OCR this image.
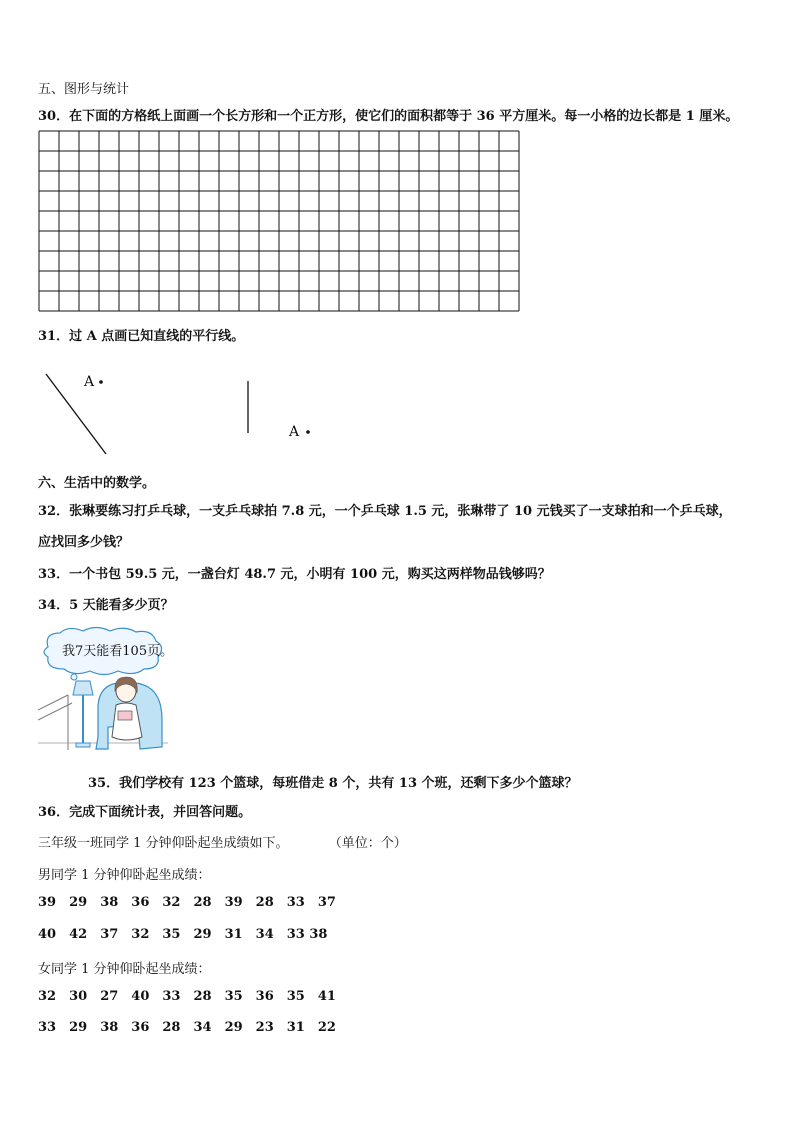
五、图形与统计
30．在下面的方格纸上面画一个长方形和一个正方形，使它们的面积都等于 36 平方厘米。每一小格的边长都是 1 厘米。
31．过 A 点画已知直线的平行线。
A
A
六、生活中的数学。
32．张琳要练习打乒乓球，一支乒乓球拍 7.8 元，一个乒乓球 1.5 元，张琳带了 10 元钱买了一支球拍和一个乒乓球，
应找回多少钱？
33．一个书包 59.5 元，一盏台灯 48.7 元，小明有 100 元，购买这两样物品钱够吗？
34．5 天能看多少页？
我7天能看105页。
35．我们学校有 123 个篮球，每班借走 8 个，共有 13 个班，还剩下多少个篮球？
36．完成下面统计表，并回答问题。
三年级一班同学 1 分钟仰卧起坐成绩如下。	（单位：个）
男同学 1 分钟仰卧起坐成绩：
39 29 38 36 32 28 39 28 33 37
40 42 37 32 35 29 31 34 33 38
女同学 1 分钟仰卧起坐成绩：
32 30 27 40 33 28 35 36 35 41
33 29 38 36 28 34 29 23 31 22
